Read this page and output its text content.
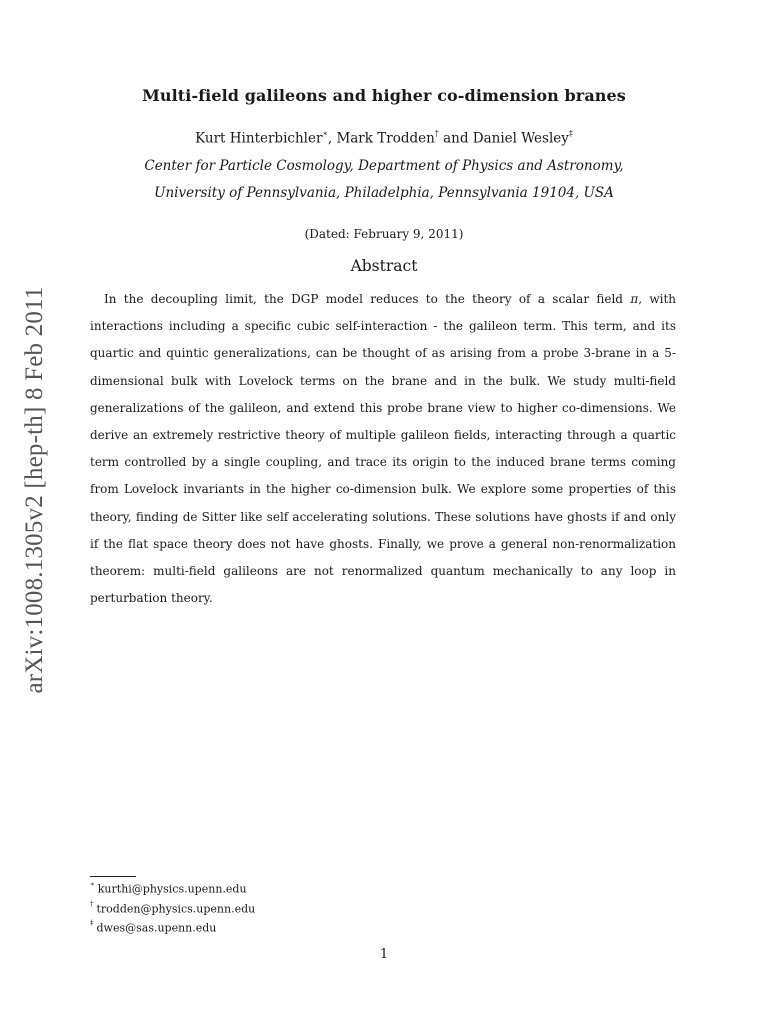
arXiv:1008.1305v2 [hep-th] 8 Feb 2011
Multi-field galileons and higher co-dimension branes
Kurt Hinterbichler∗, Mark Trodden† and Daniel Wesley‡
Center for Particle Cosmology, Department of Physics and Astronomy,
University of Pennsylvania, Philadelphia, Pennsylvania 19104, USA
(Dated: February 9, 2011)
Abstract

In the decoupling limit, the DGP model reduces to the theory of a scalar field π, with interactions including a specific cubic self-interaction - the galileon term. This term, and its quartic and quintic generalizations, can be thought of as arising from a probe 3-brane in a 5-dimensional bulk with Lovelock terms on the brane and in the bulk. We study multi-field generalizations of the galileon, and extend this probe brane view to higher co-dimensions. We derive an extremely restrictive theory of multiple galileon fields, interacting through a quartic term controlled by a single coupling, and trace its origin to the induced brane terms coming from Lovelock invariants in the higher co-dimension bulk. We explore some properties of this theory, finding de Sitter like self accelerating solutions. These solutions have ghosts if and only if the flat space theory does not have ghosts. Finally, we prove a general non-renormalization theorem: multi-field galileons are not renormalized quantum mechanically to any loop in perturbation theory.

∗ kurthi@physics.upenn.edu
† trodden@physics.upenn.edu
‡ dwes@sas.upenn.edu
1
